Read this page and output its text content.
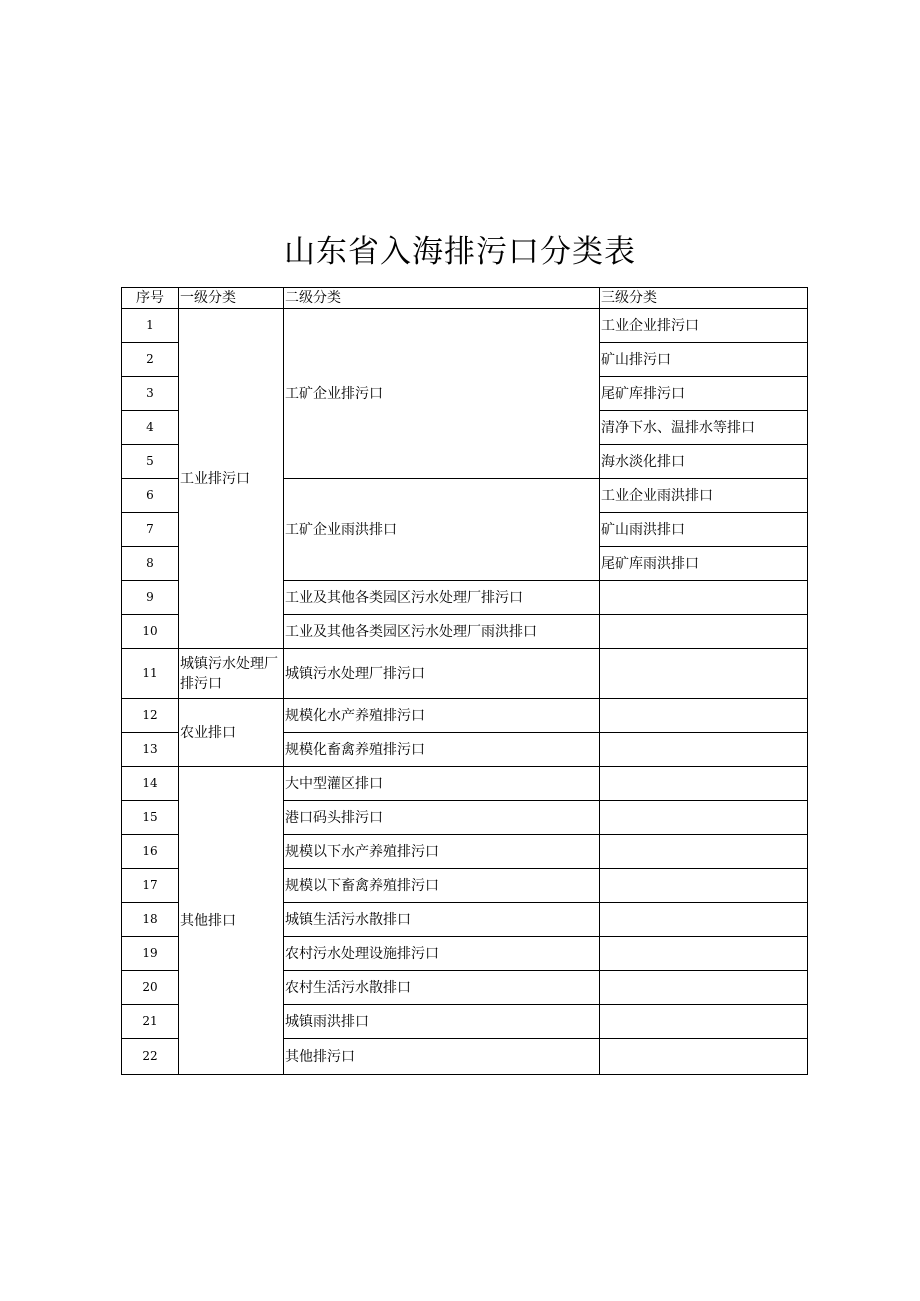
山东省入海排污口分类表
序号	一级分类	二级分类	三级分类
1	工业排污口	工矿企业排污口	工业企业排污口
2			矿山排污口
3			尾矿库排污口
4			清净下水、温排水等排口
5			海水淡化排口
6		工矿企业雨洪排口	工业企业雨洪排口
7			矿山雨洪排口
8			尾矿库雨洪排口
9		工业及其他各类园区污水处理厂排污口	
10		工业及其他各类园区污水处理厂雨洪排口	
11	城镇污水处理厂排污口	城镇污水处理厂排污口	
12	农业排口	规模化水产养殖排污口	
13		规模化畜禽养殖排污口	
14	其他排口	大中型灌区排口	
15		港口码头排污口	
16		规模以下水产养殖排污口	
17		规模以下畜禽养殖排污口	
18		城镇生活污水散排口	
19		农村污水处理设施排污口	
20		农村生活污水散排口	
21		城镇雨洪排口	
22		其他排污口	
